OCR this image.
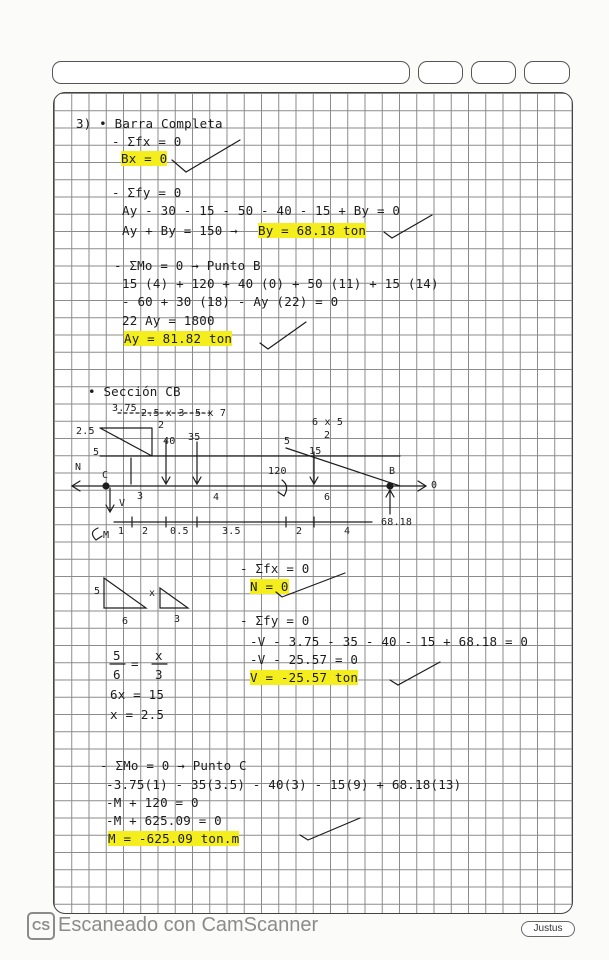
3) • Barra Completa
- Σfx = 0
Bx = 0
- Σfy = 0
Ay - 30 - 15 - 50 - 40 - 15 + By = 0
Ay + By = 150 → By = 68.18 ton
- ΣMo = 0 → Punto B
15 (4) + 120 + 40 (0) + 50 (11) + 15 (14)
- 60 + 30 (18) - Ay (22) = 0
22 Ay = 1800
Ay = 81.82 ton
• Sección CB
3.75 2.5 x 3
2
5 x 7
2.5
5
40 35	5
15
6 x 5
2
N
C	120	B
0
V
3	4	6
68.18
M 1 2 0.5	3.5	2	4
5	x
6	3
5
6
=
x
3
6x = 15
x = 2.5
- Σfx = 0
N = 0
- Σfy = 0
-V - 3.75 - 35 - 40 - 15 + 68.18 = 0
-V - 25.57 = 0
V = -25.57 ton
- ΣMo = 0 → Punto C
-3.75(1) - 35(3.5) - 40(3) - 15(9) + 68.18(13)
-M + 120 = 0
-M + 625.09 = 0
M = -625.09 ton.m
CS Escaneado con CamScanner	Justus
